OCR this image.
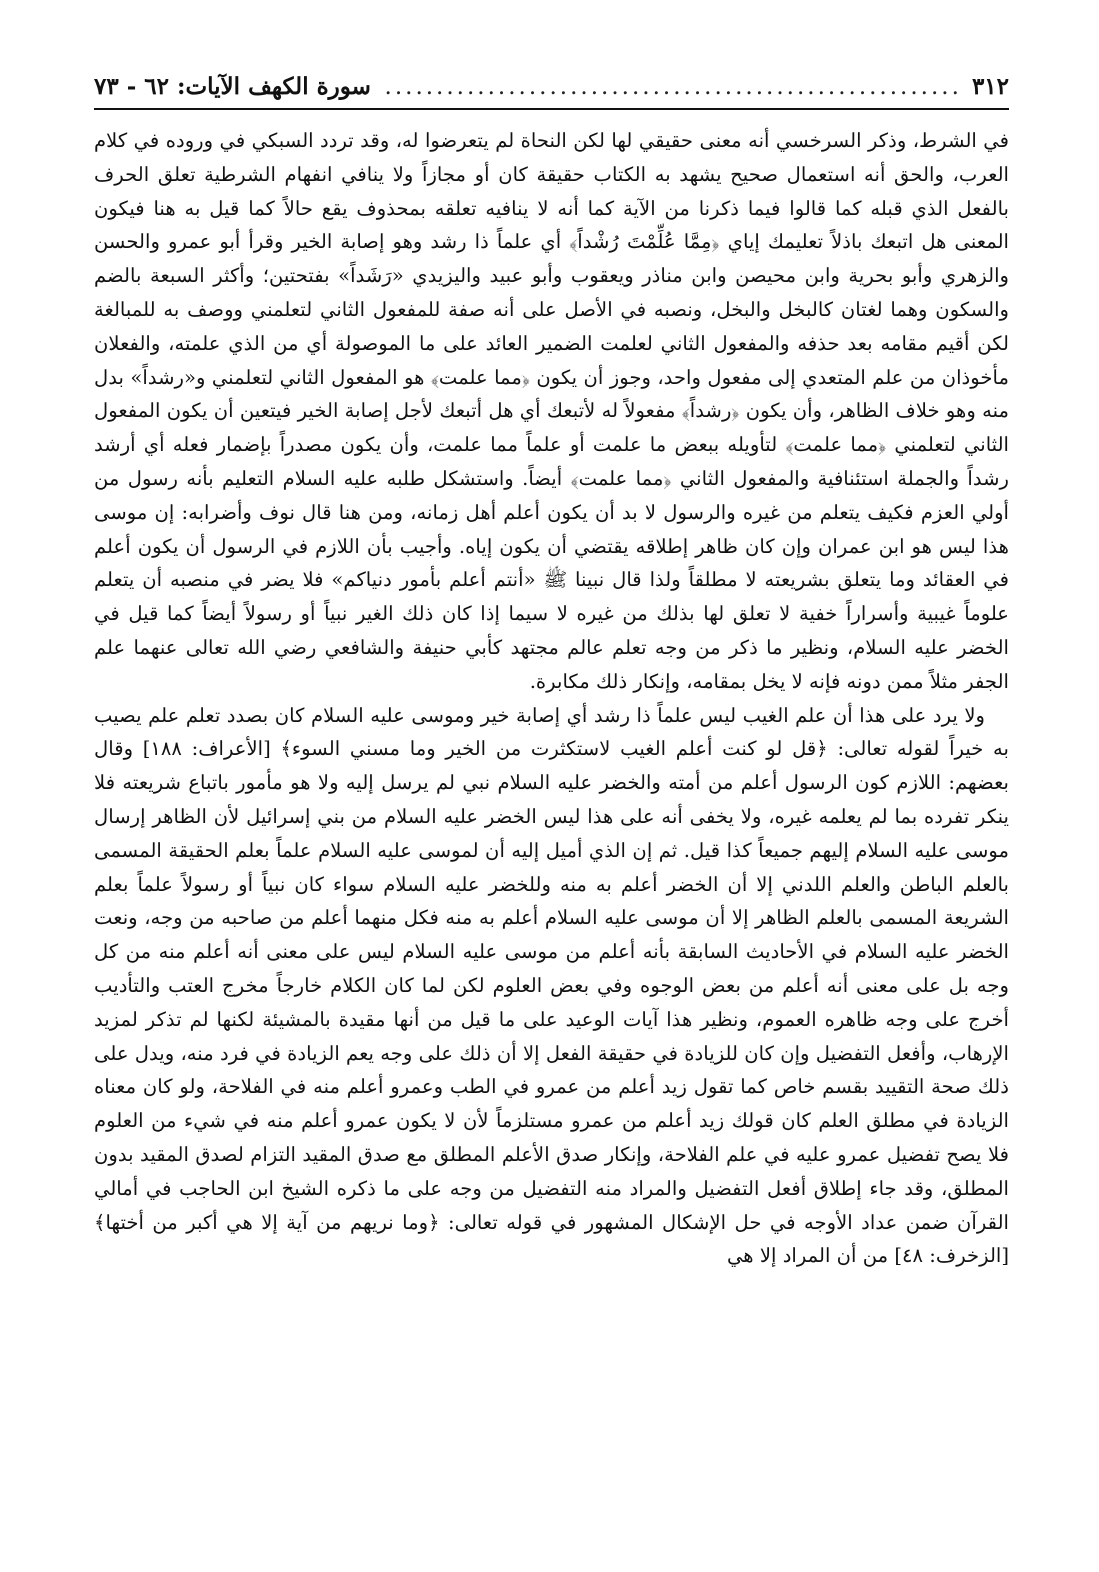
٣١٢
.....
سورة الكهف الآيات: ٦٢ - ٧٣

في الشرط، وذكر السرخسي أنه معنى حقيقي لها لكن النحاة لم يتعرضوا له، وقد تردد السبكي في وروده في كلام العرب، والحق أنه استعمال صحيح يشهد به الكتاب حقيقة كان أو مجازاً ولا ينافي انفهام الشرطية تعلق الحرف بالفعل الذي قبله كما قالوا فيما ذكرنا من الآية كما أنه لا ينافيه تعلقه بمحذوف يقع حالاً كما قيل به هنا فيكون المعنى هل اتبعك باذلاً تعليمك إياي ﴿مِمَّا عُلِّمْتَ رُشْداً﴾ أي علماً ذا رشد وهو إصابة الخير وقرأ أبو عمرو والحسن والزهري وأبو بحرية وابن محيصن وابن مناذر ويعقوب وأبو عبيد واليزيدي «رَشَداً» بفتحتين؛ وأكثر السبعة بالضم والسكون وهما لغتان كالبخل والبخل، ونصبه في الأصل على أنه صفة للمفعول الثاني لتعلمني ووصف به للمبالغة لكن أقيم مقامه بعد حذفه والمفعول الثاني لعلمت الضمير العائد على ما الموصولة أي من الذي علمته، والفعلان مأخوذان من علم المتعدي إلى مفعول واحد، وجوز أن يكون ﴿مما علمت﴾ هو المفعول الثاني لتعلمني و«رشداً» بدل منه وهو خلاف الظاهر، وأن يكون ﴿رشداً﴾ مفعولاً له لأتبعك أي هل أتبعك لأجل إصابة الخير فيتعين أن يكون المفعول الثاني لتعلمني ﴿مما علمت﴾ لتأويله ببعض ما علمت أو علماً مما علمت، وأن يكون مصدراً بإضمار فعله أي أرشد رشداً والجملة استئنافية والمفعول الثاني ﴿مما علمت﴾ أيضاً. واستشكل طلبه عليه السلام التعليم بأنه رسول من أولي العزم فكيف يتعلم من غيره والرسول لا بد أن يكون أعلم أهل زمانه، ومن هنا قال نوف وأضرابه: إن موسى هذا ليس هو ابن عمران وإن كان ظاهر إطلاقه يقتضي أن يكون إياه. وأجيب بأن اللازم في الرسول أن يكون أعلم في العقائد وما يتعلق بشريعته لا مطلقاً ولذا قال نبينا ﷺ «أنتم أعلم بأمور دنياكم» فلا يضر في منصبه أن يتعلم علوماً غيبية وأسراراً خفية لا تعلق لها بذلك من غيره لا سيما إذا كان ذلك الغير نبياً أو رسولاً أيضاً كما قيل في الخضر عليه السلام، ونظير ما ذكر من وجه تعلم عالم مجتهد كأبي حنيفة والشافعي رضي الله تعالى عنهما علم الجفر مثلاً ممن دونه فإنه لا يخل بمقامه، وإنكار ذلك مكابرة.

ولا يرد على هذا أن علم الغيب ليس علماً ذا رشد أي إصابة خير وموسى عليه السلام كان بصدد تعلم علم يصيب به خيراً لقوله تعالى: ﴿قل لو كنت أعلم الغيب لاستكثرت من الخير وما مسني السوء﴾ [الأعراف: ١٨٨] وقال بعضهم: اللازم كون الرسول أعلم من أمته والخضر عليه السلام نبي لم يرسل إليه ولا هو مأمور باتباع شريعته فلا ينكر تفرده بما لم يعلمه غيره، ولا يخفى أنه على هذا ليس الخضر عليه السلام من بني إسرائيل لأن الظاهر إرسال موسى عليه السلام إليهم جميعاً كذا قيل. ثم إن الذي أميل إليه أن لموسى عليه السلام علماً بعلم الحقيقة المسمى بالعلم الباطن والعلم اللدني إلا أن الخضر أعلم به منه وللخضر عليه السلام سواء كان نبياً أو رسولاً علماً بعلم الشريعة المسمى بالعلم الظاهر إلا أن موسى عليه السلام أعلم به منه فكل منهما أعلم من صاحبه من وجه، ونعت الخضر عليه السلام في الأحاديث السابقة بأنه أعلم من موسى عليه السلام ليس على معنى أنه أعلم منه من كل وجه بل على معنى أنه أعلم من بعض الوجوه وفي بعض العلوم لكن لما كان الكلام خارجاً مخرج العتب والتأديب أخرج على وجه ظاهره العموم، ونظير هذا آيات الوعيد على ما قيل من أنها مقيدة بالمشيئة لكنها لم تذكر لمزيد الإرهاب، وأفعل التفضيل وإن كان للزيادة في حقيقة الفعل إلا أن ذلك على وجه يعم الزيادة في فرد منه، ويدل على ذلك صحة التقييد بقسم خاص كما تقول زيد أعلم من عمرو في الطب وعمرو أعلم منه في الفلاحة، ولو كان معناه الزيادة في مطلق العلم كان قولك زيد أعلم من عمرو مستلزماً لأن لا يكون عمرو أعلم منه في شيء من العلوم فلا يصح تفضيل عمرو عليه في علم الفلاحة، وإنكار صدق الأعلم المطلق مع صدق المقيد التزام لصدق المقيد بدون المطلق، وقد جاء إطلاق أفعل التفضيل والمراد منه التفضيل من وجه على ما ذكره الشيخ ابن الحاجب في أمالي القرآن ضمن عداد الأوجه في حل الإشكال المشهور في قوله تعالى: ﴿وما نريهم من آية إلا هي أكبر من أختها﴾ [الزخرف: ٤٨] من أن المراد إلا هي
